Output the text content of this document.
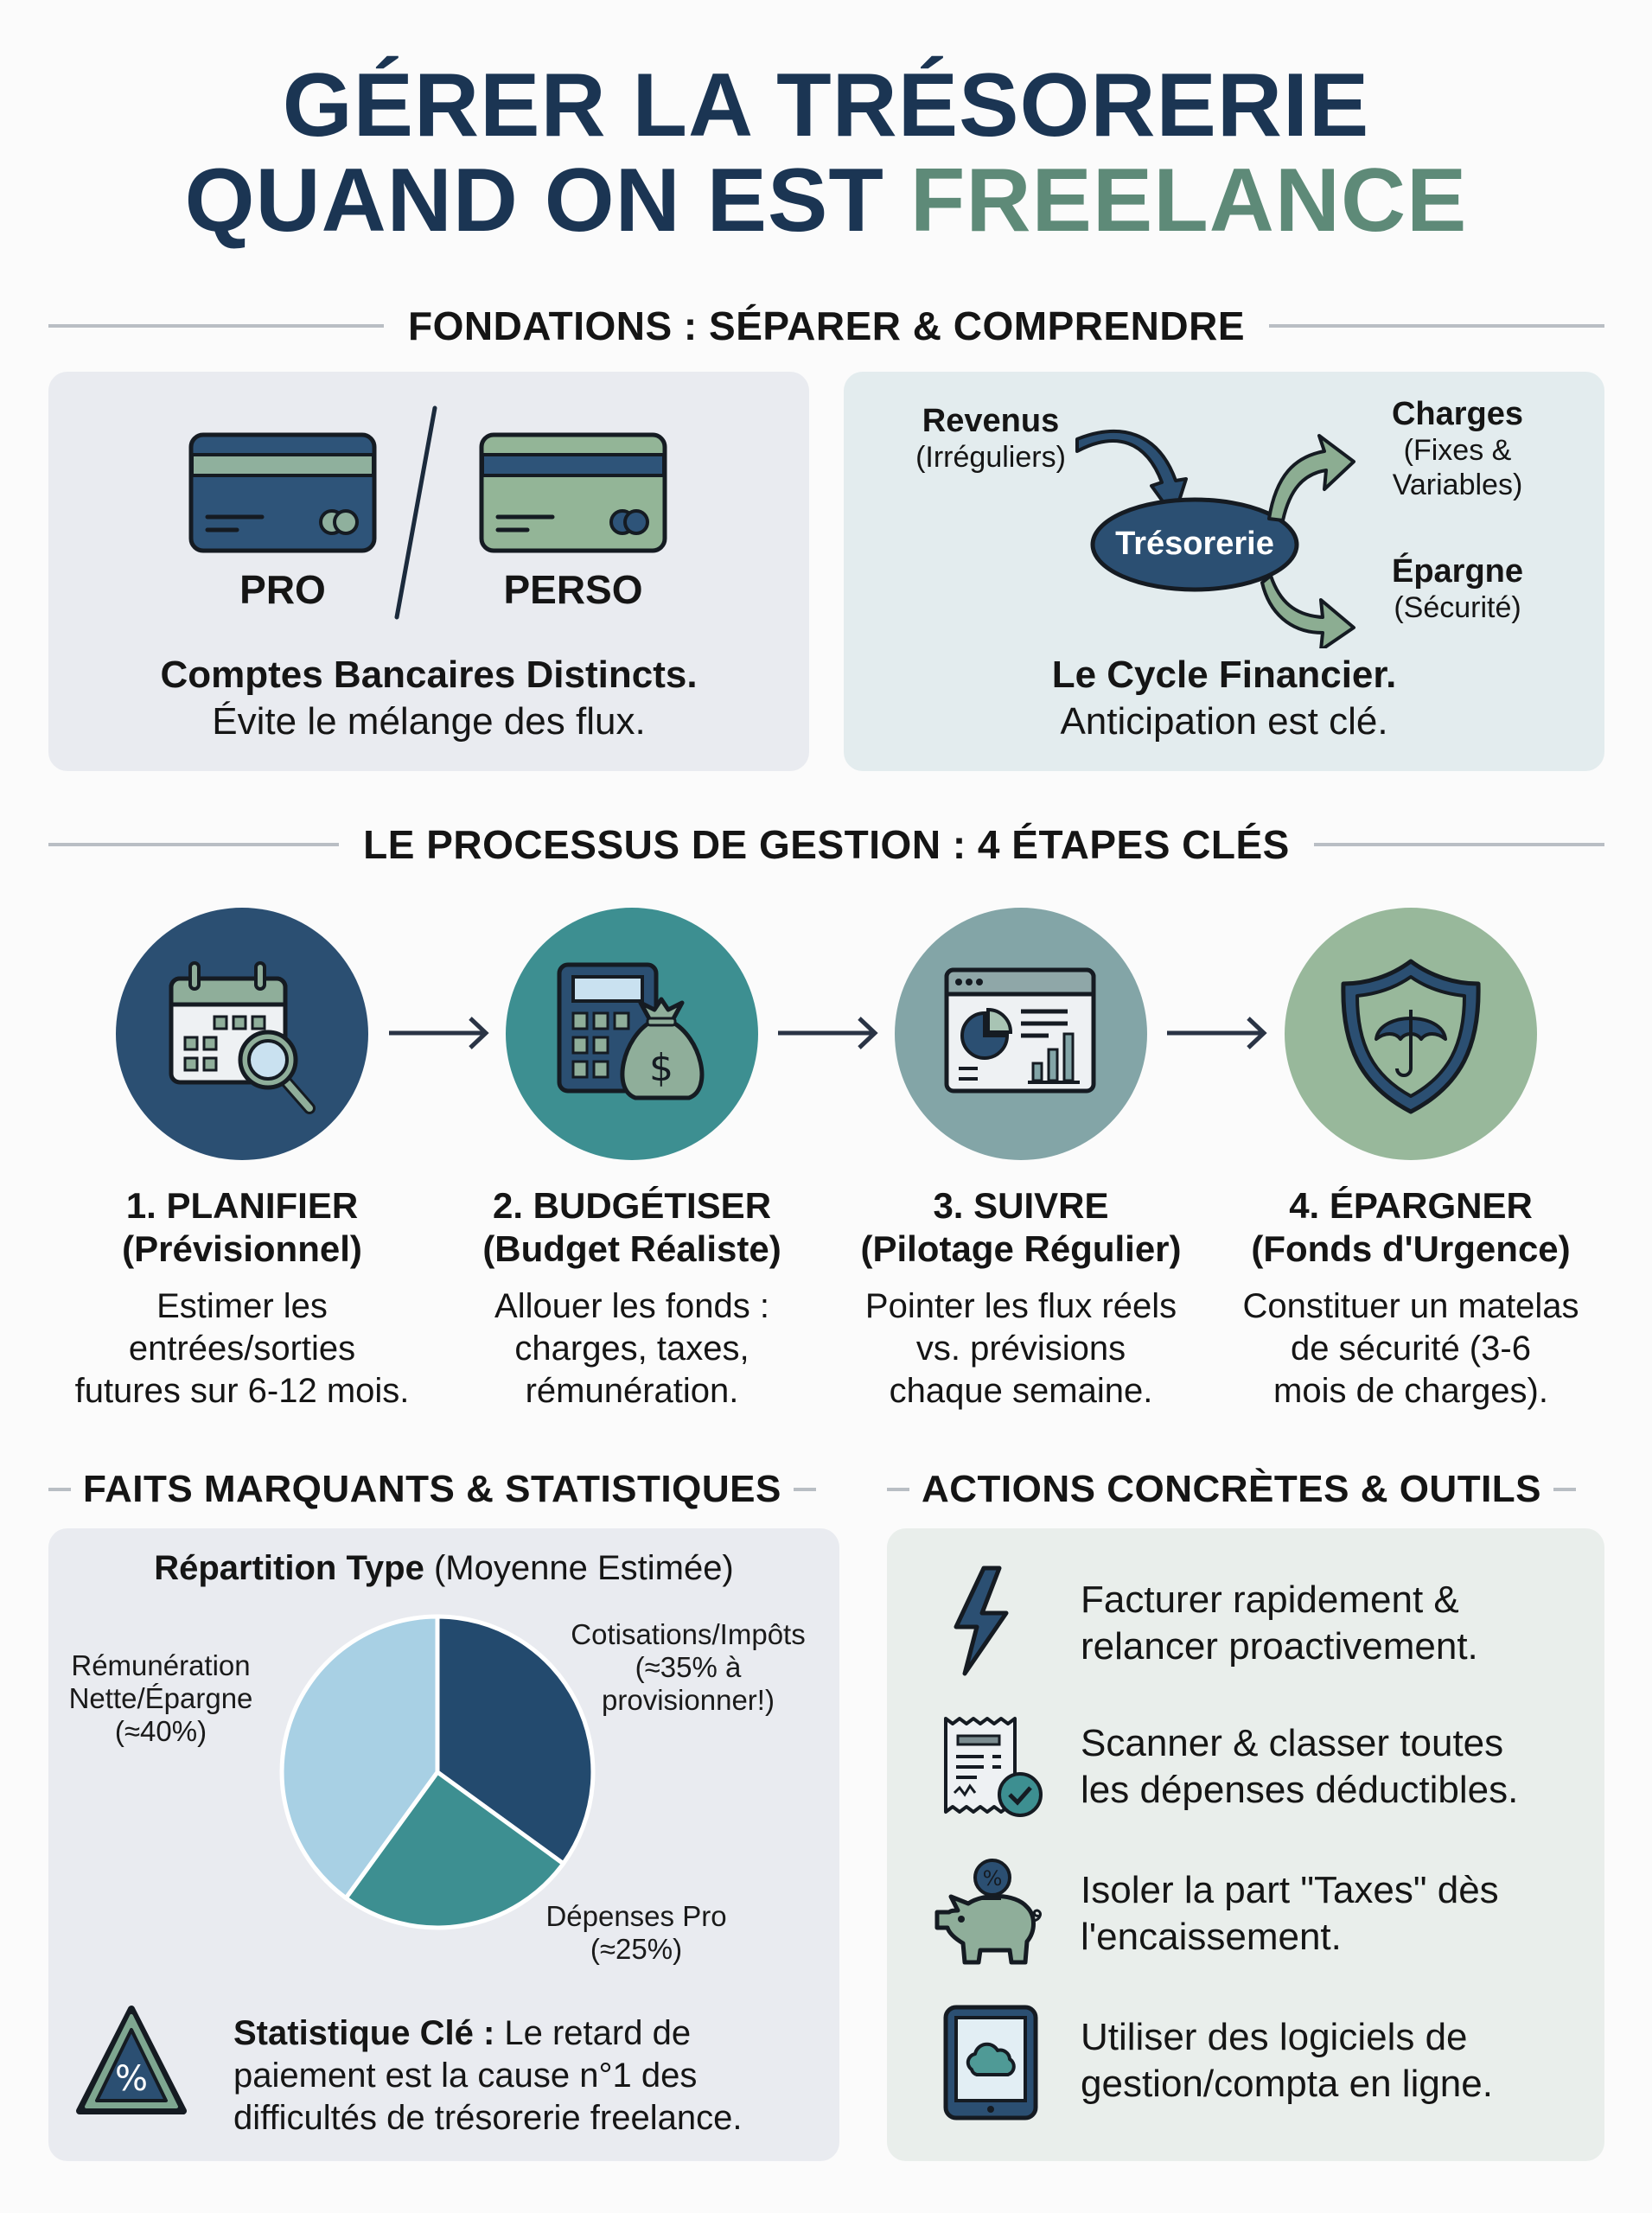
GÉRER LA TRÉSORERIE
QUAND ON EST FREELANCE
FONDATIONS : SÉPARER & COMPRENDRE
PRO	PERSO
Comptes Bancaires Distincts.
Évite le mélange des flux.
Revenus
(Irréguliers)
Trésorerie
Charges
(Fixes &
Variables)
Épargne
(Sécurité)
Le Cycle Financier.
Anticipation est clé.
LE PROCESSUS DE GESTION : 4 ÉTAPES CLÉS
$
1. PLANIFIER
(Prévisionnel)
Estimer les
entrées/sorties
futures sur 6-12 mois.
2. BUDGÉTISER
(Budget Réaliste)
Allouer les fonds :
charges, taxes,
rémunération.
3. SUIVRE
(Pilotage Régulier)
Pointer les flux réels
vs. prévisions
chaque semaine.
4. ÉPARGNER
(Fonds d'Urgence)
Constituer un matelas
de sécurité (3-6
mois de charges).
FAITS MARQUANTS & STATISTIQUES
Répartition Type (Moyenne Estimée)
Rémunération
Nette/Épargne
(≈40%)
Cotisations/Impôts
(≈35% à
provisionner!)
Dépenses Pro
(≈25%)
%
Statistique Clé : Le retard de
paiement est la cause n°1 des
difficultés de trésorerie freelance.
ACTIONS CONCRÈTES & OUTILS
Facturer rapidement &
relancer proactivement.
Scanner & classer toutes
les dépenses déductibles.
% Isoler la part "Taxes" dès
l'encaissement.
Utiliser des logiciels de
gestion/compta en ligne.
